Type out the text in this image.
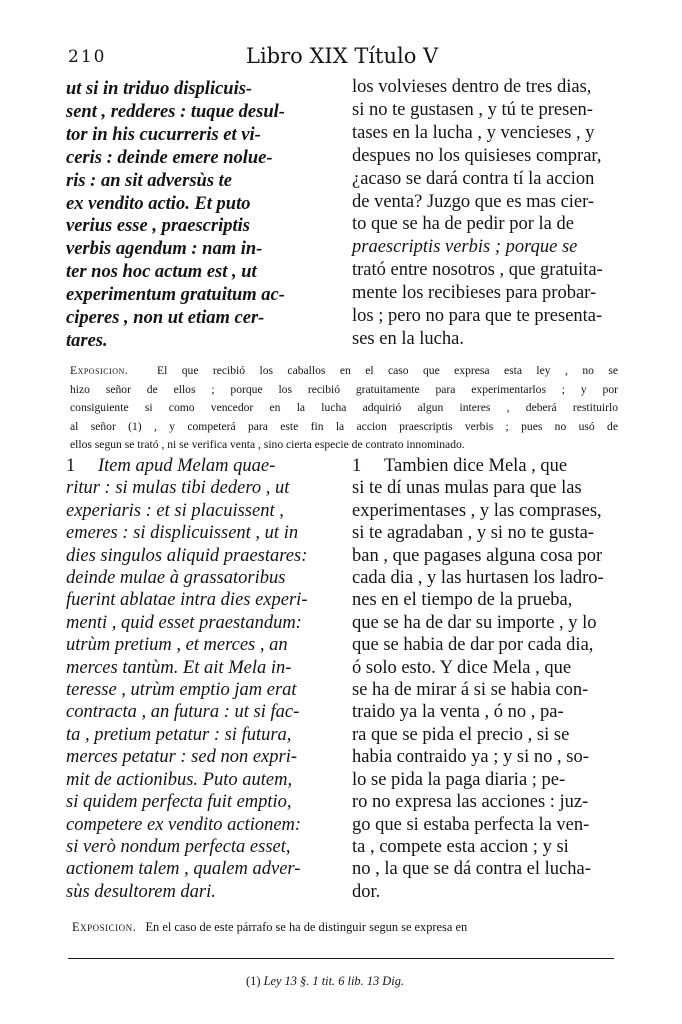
210	Libro XIX Título V
ut si in triduo displicuis-
sent , redderes : tuque desul-
tor in his cucurreris et vi-
ceris : deinde emere nolue-
ris : an sit adversùs te
ex vendito actio. Et puto
verius esse , praescriptis
verbis agendum : nam in-
ter nos hoc actum est , ut
experimentum gratuitum ac-
ciperes , non ut etiam cer-
tares.
los volvieses dentro de tres dias,
si no te gustasen , y tú te presen-
tases en la lucha , y vencieses , y
despues no los quisieses comprar,
¿acaso se dará contra tí la accion
de venta? Juzgo que es mas cier-
to que se ha de pedir por la de
praescriptis verbis ; porque se
trató entre nosotros , que gratuita-
mente los recibieses para probar-
los ; pero no para que te presenta-
ses en la lucha.
Exposicion. El que recibió los caballos en el caso que expresa esta ley , no se
hizo señor de ellos ; porque los recibió gratuitamente para experimentarlos ; y por
consiguiente si como vencedor en la lucha adquirió algun interes , deberá restituirlo
al señor (1) , y competerá para este fin la accion praescriptis verbis ; pues no usó de
ellos segun se trató , ni se verifica venta , sino cierta especie de contrato innominado.
1 Item apud Melam quae-
ritur : si mulas tibi dedero , ut
experiaris : et si placuissent ,
emeres : si displicuissent , ut in
dies singulos aliquid praestares:
deinde mulae à grassatoribus
fuerint ablatae intra dies experi-
menti , quid esset praestandum:
utrùm pretium , et merces , an
merces tantùm. Et ait Mela in-
teresse , utrùm emptio jam erat
contracta , an futura : ut si fac-
ta , pretium petatur : si futura,
merces petatur : sed non expri-
mit de actionibus. Puto autem,
si quidem perfecta fuit emptio,
competere ex vendito actionem:
si verò nondum perfecta esset,
actionem talem , qualem adver-
sùs desultorem dari.
1 Tambien dice Mela , que
si te dí unas mulas para que las
experimentases , y las comprases,
si te agradaban , y si no te gusta-
ban , que pagases alguna cosa por
cada dia , y las hurtasen los ladro-
nes en el tiempo de la prueba,
que se ha de dar su importe , y lo
que se habia de dar por cada dia,
ó solo esto. Y dice Mela , que
se ha de mirar á si se habia con-
traido ya la venta , ó no , pa-
ra que se pida el precio , si se
habia contraido ya ; y si no , so-
lo se pida la paga diaria ; pe-
ro no expresa las acciones : juz-
go que si estaba perfecta la ven-
ta , compete esta accion ; y si
no , la que se dá contra el lucha-
dor.
Exposicion. En el caso de este párrafo se ha de distinguir segun se expresa en
(1) Ley 13 §. 1 tit. 6 lib. 13 Dig.
